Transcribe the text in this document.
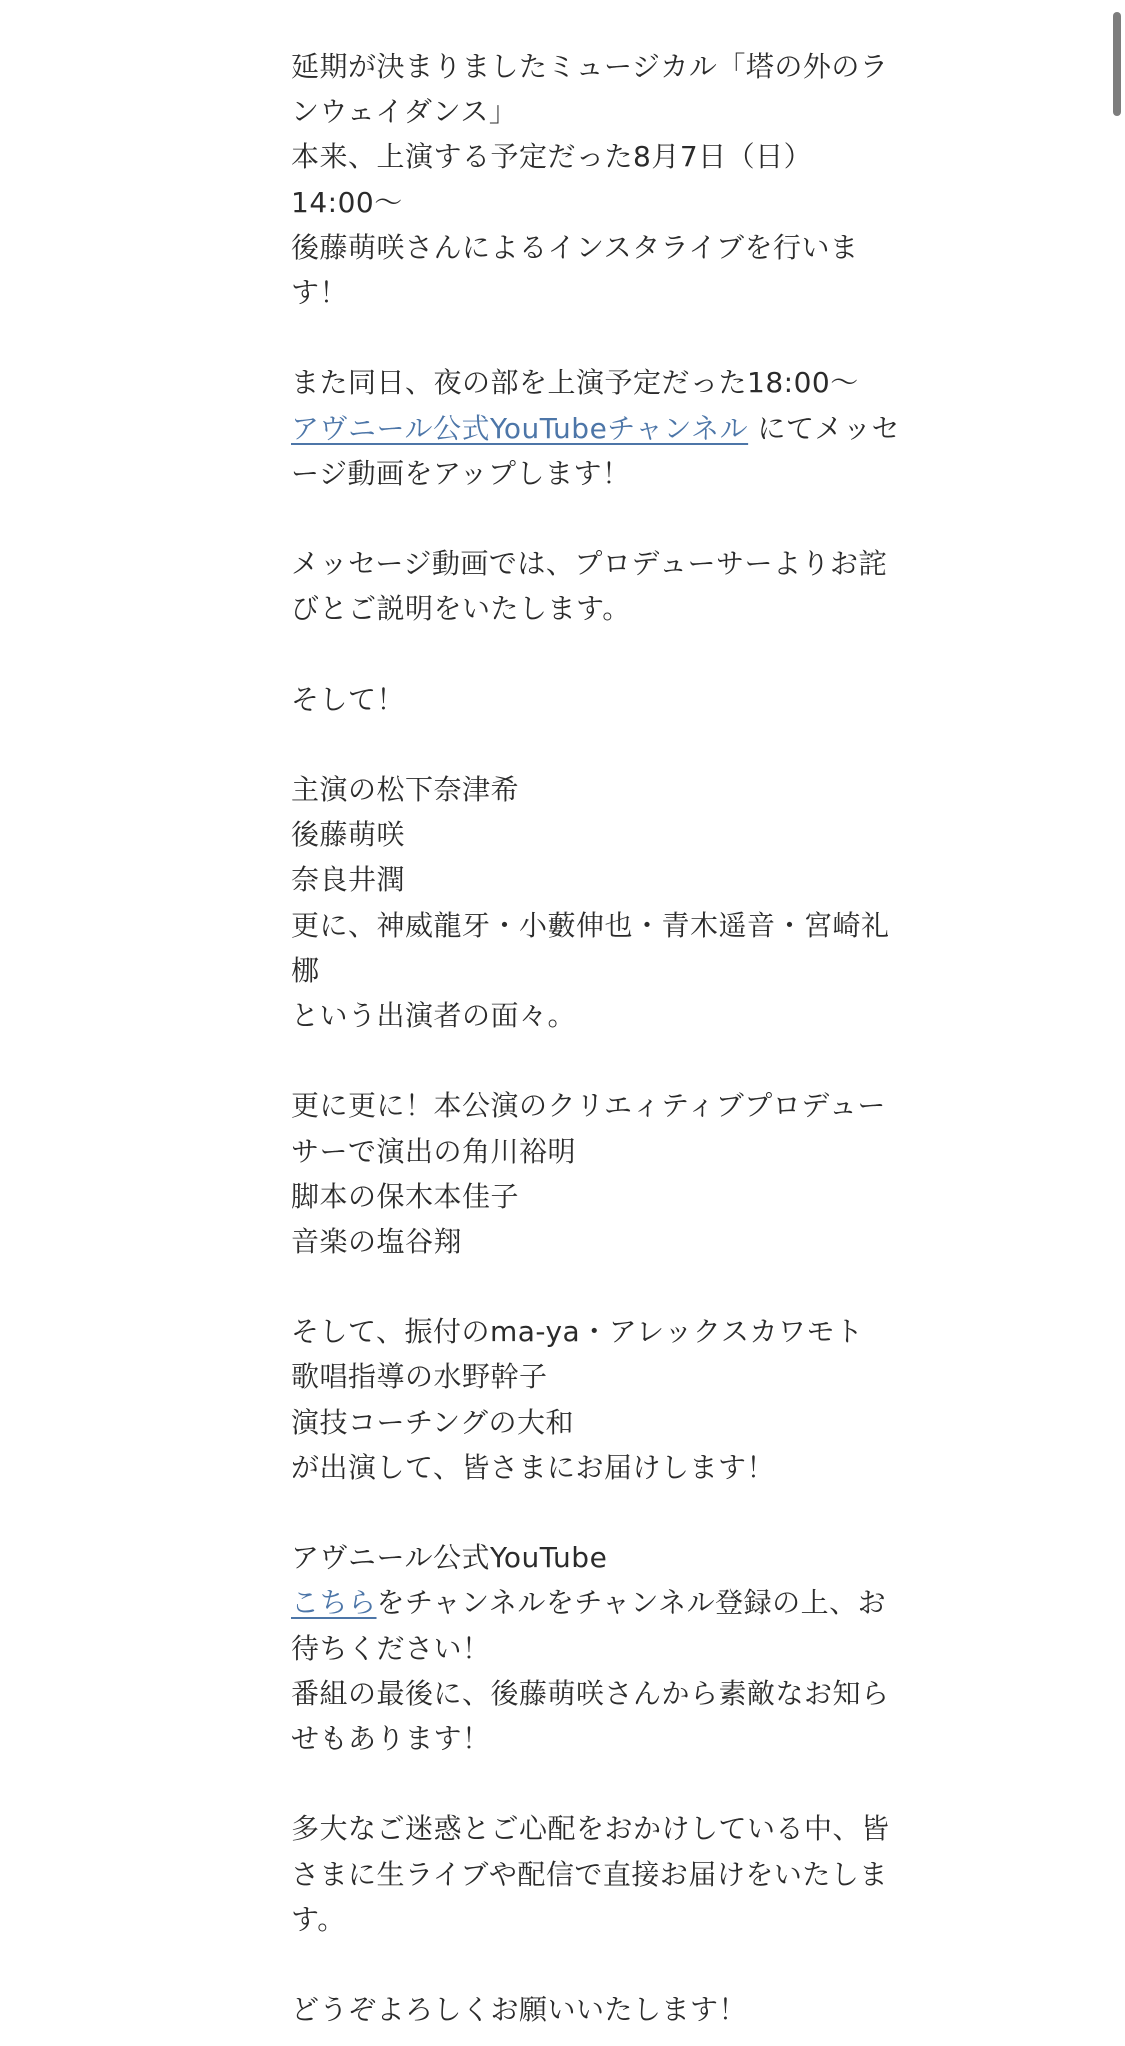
延期が決まりましたミュージカル「塔の外のラ
ンウェイダンス」
本来、上演する予定だった8月7日（日）
14:00〜
後藤萌咲さんによるインスタライブを行いま
す！
また同日、夜の部を上演予定だった18:00〜
アヴニール公式YouTubeチャンネル にてメッセ
ージ動画をアップします！
メッセージ動画では、プロデューサーよりお詫
びとご説明をいたします。
そして！
主演の松下奈津希
後藤萌咲
奈良井潤
更に、神威龍牙・小藪伸也・青木遥音・宮崎礼
梛
という出演者の面々。
更に更に！本公演のクリエィティブプロデュー
サーで演出の角川裕明
脚本の保木本佳子
音楽の塩谷翔
そして、振付のma-ya・アレックスカワモト
歌唱指導の水野幹子
演技コーチングの大和
が出演して、皆さまにお届けします！
アヴニール公式YouTube
こちらをチャンネルをチャンネル登録の上、お
待ちください！
番組の最後に、後藤萌咲さんから素敵なお知ら
せもあります！
多大なご迷惑とご心配をおかけしている中、皆
さまに生ライブや配信で直接お届けをいたしま
す。
どうぞよろしくお願いいたします！
